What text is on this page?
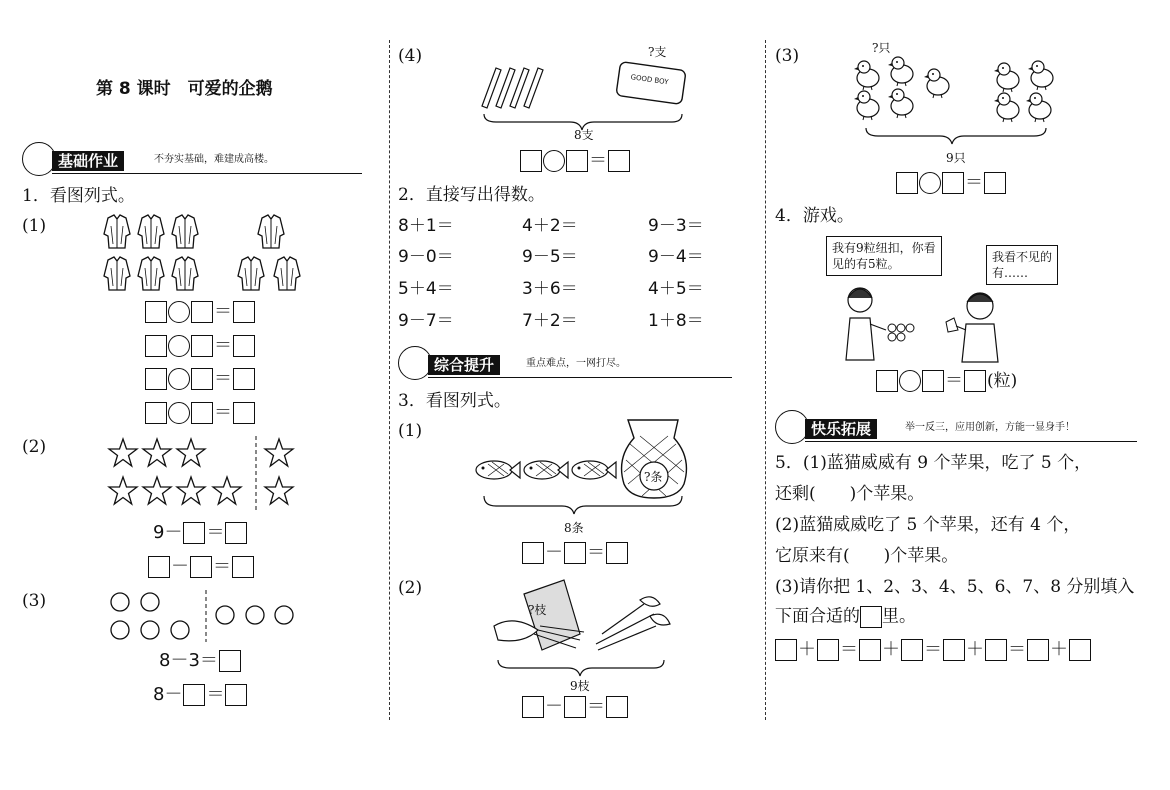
第 8 课时　可爱的企鹅
基础作业	不夯实基础，难建成高楼。
1．看图列式。
(1)
＝
＝
＝
＝
(2)
9－ ＝
－ ＝
(3)
8－3＝
8－ ＝
(4)
GOOD BOY
?支
8支
＝
2．直接写出得数。
8＋1＝	4＋2＝	9－3＝
9－0＝	9－5＝	9－4＝
5＋4＝	3＋6＝	4＋5＝
9－7＝	7＋2＝	1＋8＝
综合提升	重点难点，一网打尽。
3．看图列式。
(1)
?条
8条
－ ＝
(2)
?枝
9枝
－ ＝
(3)	?只
9只
＝
4．游戏。
我有9粒纽扣，你看
见的有5粒。	我看不见的
有……
＝ (粒)
快乐拓展	举一反三，应用创新，方能一显身手！
5．(1)蓝猫威威有 9 个苹果，吃了 5 个，
还剩(　　)个苹果。
(2)蓝猫威威吃了 5 个苹果，还有 4 个，
它原来有(　　)个苹果。
(3)请你把 1、2、3、4、5、6、7、8 分别填入
下面合适的 里。
＋ ＝ ＋ ＝ ＋ ＝ ＋
